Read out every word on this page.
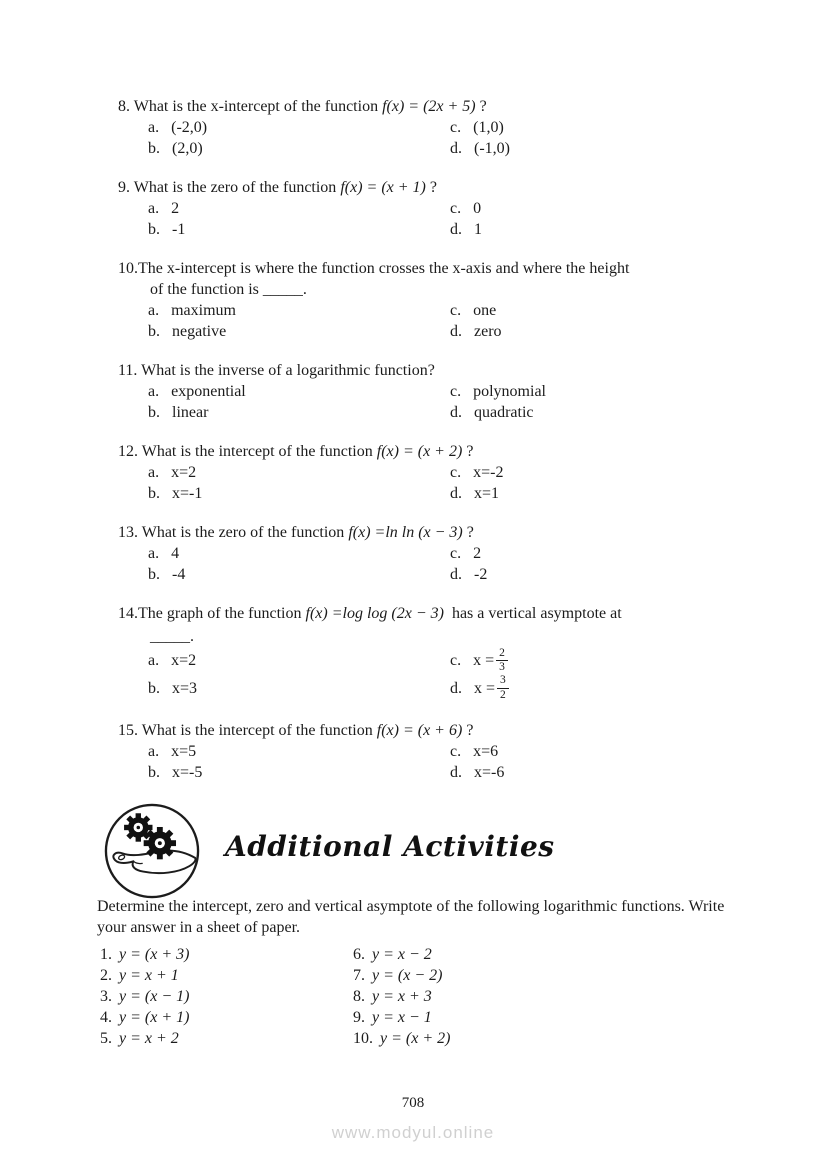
8. What is the x-intercept of the function f(x) = (2x + 5) ?
a. (-2,0)
b. (2,0)
c. (1,0)
d. (-1,0)
9. What is the zero of the function f(x) = (x + 1) ?
a. 2
b. -1
c. 0
d. 1
10.The x-intercept is where the function crosses the x-axis and where the height
of the function is _____.
a. maximum
b. negative
c. one
d. zero
11. What is the inverse of a logarithmic function?
a. exponential
b. linear
c. polynomial
d. quadratic
12. What is the intercept of the function f(x) = (x + 2) ?
a. x=2
b. x=-1
c. x=-2
d. x=1
13. What is the zero of the function f(x) =ln ln (x − 3) ?
a. 4
b. -4
c. 2
d. -2
14.The graph of the function f(x) =log log (2x − 3)  has a vertical asymptote at
_____.
a. x=2
b. x=3
c. $x = \frac{2}{3}$
d. $x = \frac{3}{2}$
15. What is the intercept of the function f(x) = (x + 6) ?
a. x=5
b. x=-5
c. x=6
d. x=-6
Additional Activities

Determine the intercept, zero and vertical asymptote of the following logarithmic functions. Write your answer in a sheet of paper.

1. y = (x + 3)
2. y = x + 1
3. y = (x − 1)
4. y = (x + 1)
5. y = x + 2
6. y = x − 2
7. y = (x − 2)
8. y = x + 3
9. y = x − 1
10. y = (x + 2)
708
www.modyul.online
